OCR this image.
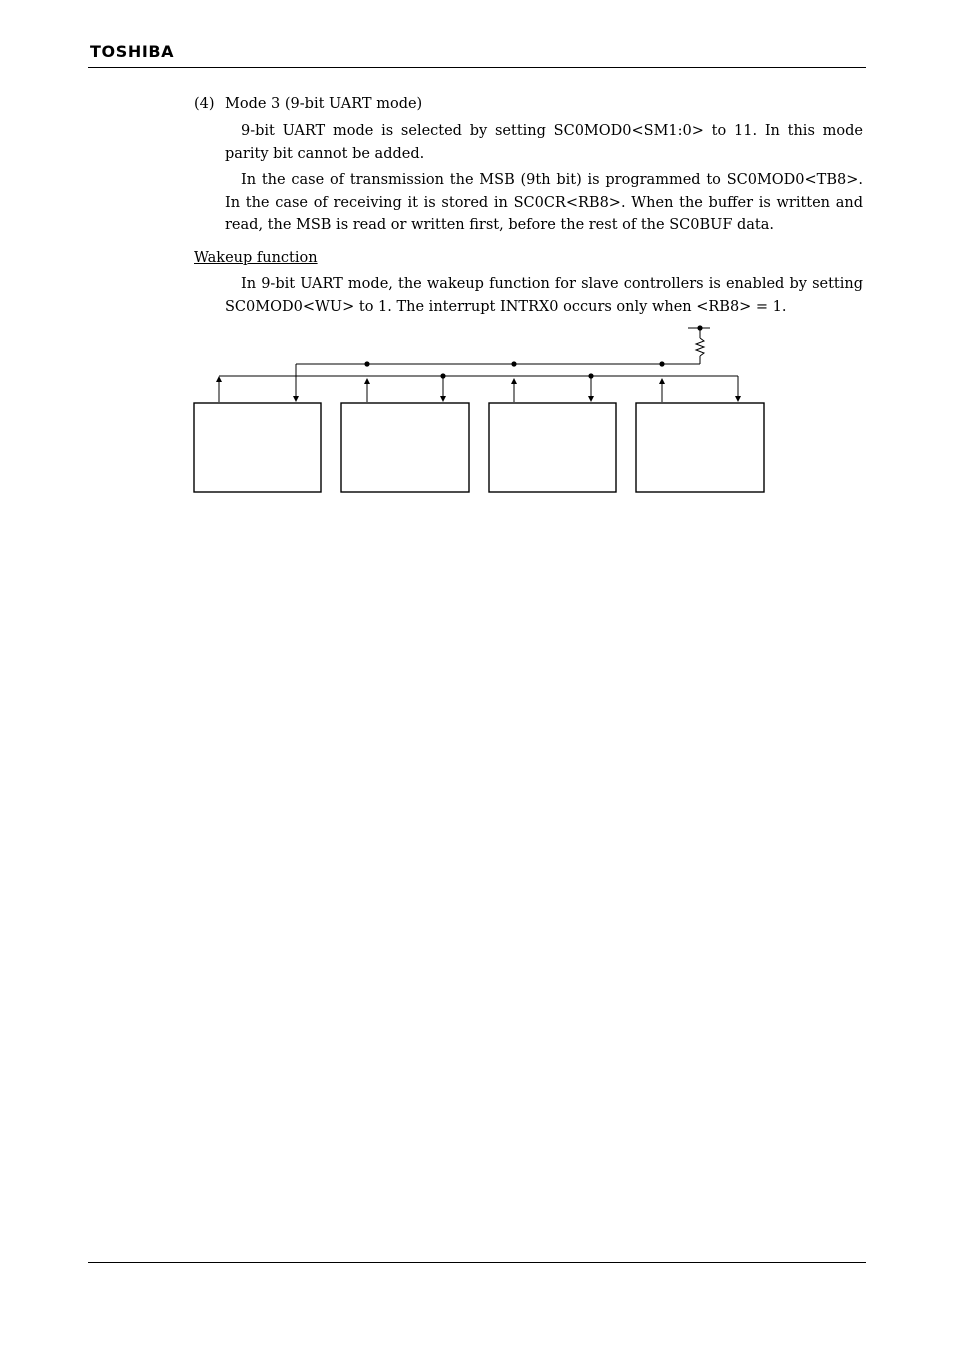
TOSHIBA
(4) Mode 3 (9-bit UART mode)

9-bit UART mode is selected by setting SC0MOD0<SM1:0> to 11. In this mode parity bit cannot be added.

In the case of transmission the MSB (9th bit) is programmed to SC0MOD0<TB8>. In the case of receiving it is stored in SC0CR<RB8>. When the buffer is written and read, the MSB is read or written first, before the rest of the SC0BUF data.

Wakeup function

In 9-bit UART mode, the wakeup function for slave controllers is enabled by setting SC0MOD0<WU> to 1. The interrupt INTRX0 occurs only when <RB8> = 1.
